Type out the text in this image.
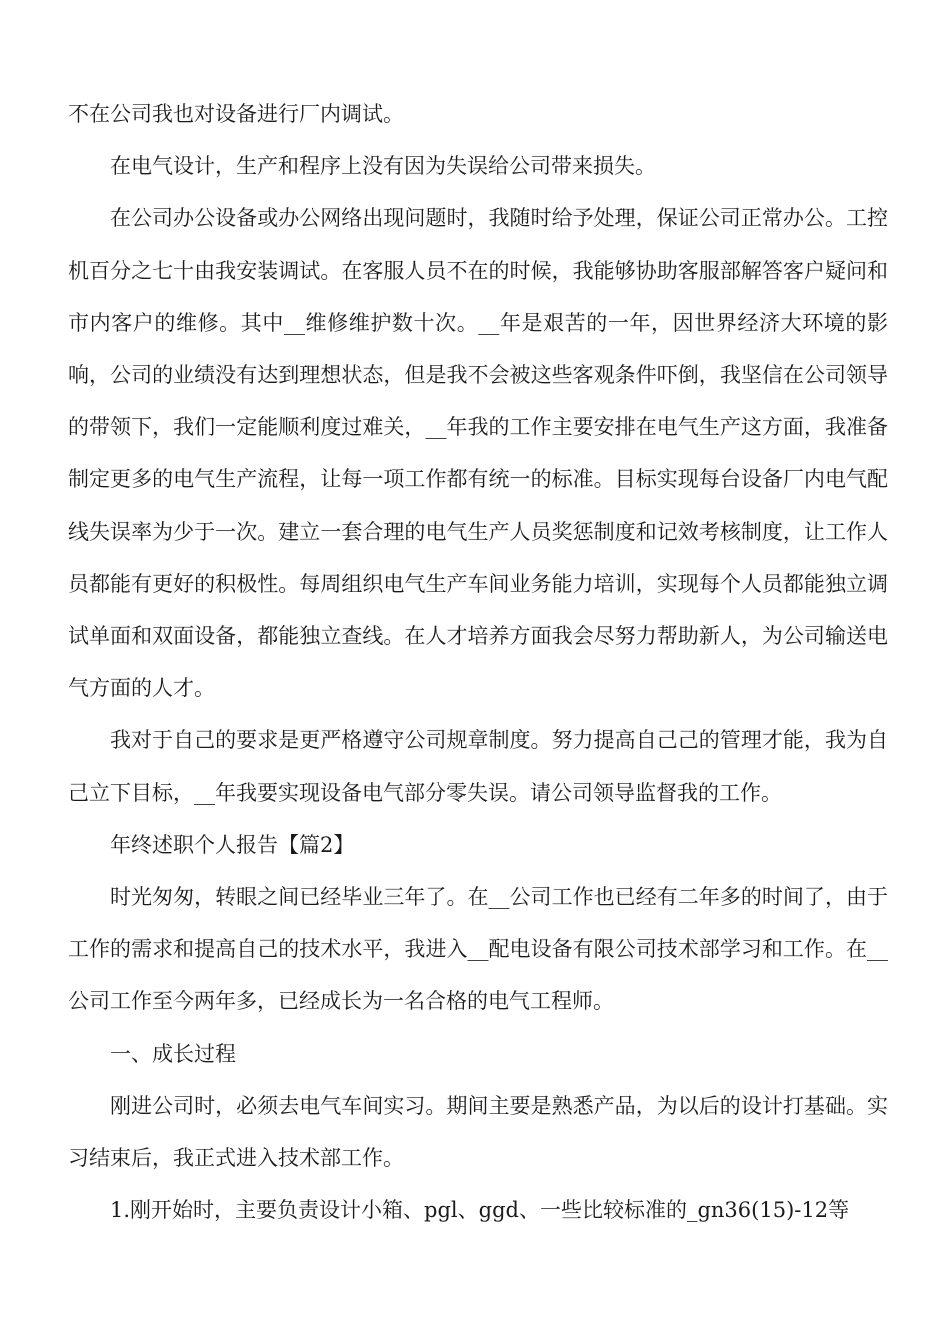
不在公司我也对设备进行厂内调试。

在电气设计，生产和程序上没有因为失误给公司带来损失。

在公司办公设备或办公网络出现问题时，我随时给予处理，保证公司正常办公。工控机百分之七十由我安装调试。在客服人员不在的时候，我能够协助客服部解答客户疑问和市内客户的维修。其中__维修维护数十次。__年是艰苦的一年，因世界经济大环境的影响，公司的业绩没有达到理想状态，但是我不会被这些客观条件吓倒，我坚信在公司领导的带领下，我们一定能顺利度过难关，__年我的工作主要安排在电气生产这方面，我准备制定更多的电气生产流程，让每一项工作都有统一的标准。目标实现每台设备厂内电气配线失误率为少于一次。建立一套合理的电气生产人员奖惩制度和记效考核制度，让工作人员都能有更好的积极性。每周组织电气生产车间业务能力培训，实现每个人员都能独立调试单面和双面设备，都能独立查线。在人才培养方面我会尽努力帮助新人，为公司输送电气方面的人才。

我对于自己的要求是更严格遵守公司规章制度。努力提高自己己的管理才能，我为自己立下目标，__年我要实现设备电气部分零失误。请公司领导监督我的工作。

年终述职个人报告【篇2】

时光匆匆，转眼之间已经毕业三年了。在__公司工作也已经有二年多的时间了，由于工作的需求和提高自己的技术水平，我进入__配电设备有限公司技术部学习和工作。在__公司工作至今两年多，已经成长为一名合格的电气工程师。

一、成长过程

刚进公司时，必须去电气车间实习。期间主要是熟悉产品，为以后的设计打基础。实习结束后，我正式进入技术部工作。

1.刚开始时，主要负责设计小箱、pgl、ggd、一些比较标准的_gn36(15)-12等
